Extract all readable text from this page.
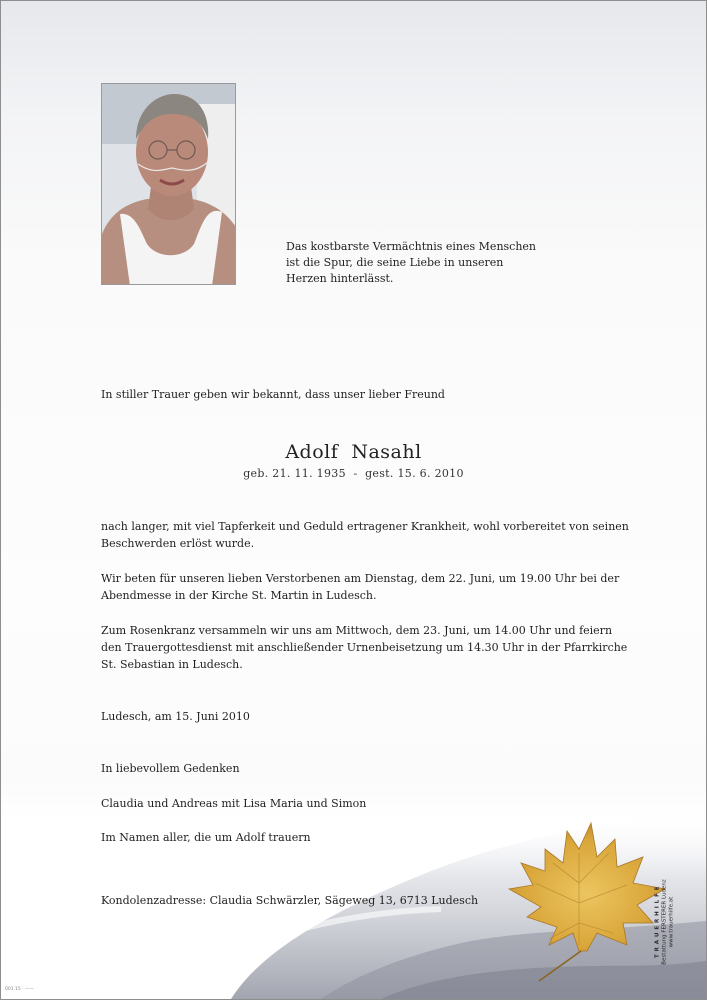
Das kostbarste Vermächtnis eines Menschen
ist die Spur, die seine Liebe in unseren
Herzen hinterlässt.
In stiller Trauer geben wir bekannt, dass unser lieber Freund
Adolf  Nasahl
geb. 21. 11. 1935  -  gest. 15. 6. 2010
nach langer, mit viel Tapferkeit und Geduld ertragener Krankheit, wohl vorbereitet von seinen
Beschwerden erlöst wurde.
Wir beten für unseren lieben Verstorbenen am Dienstag, dem 22. Juni, um 19.00 Uhr bei der
Abendmesse in der Kirche St. Martin in Ludesch.
Zum Rosenkranz versammeln wir uns am Mittwoch, dem 23. Juni, um 14.00 Uhr und feiern
den Trauergottesdienst mit anschließender Urnenbeisetzung um 14.30 Uhr in der Pfarrkirche
St. Sebastian in Ludesch.
Ludesch, am 15. Juni 2010
In liebevollem Gedenken
Claudia und Andreas mit Lisa Maria und Simon
Im Namen aller, die um Adolf trauern
Kondolenzadresse: Claudia Schwärzler, Sägeweg 13, 6713 Ludesch	T R A U E R H I L F E Bestattung FERSTERER Ludenz www.trauerhilfe.at
001 15 · ——
